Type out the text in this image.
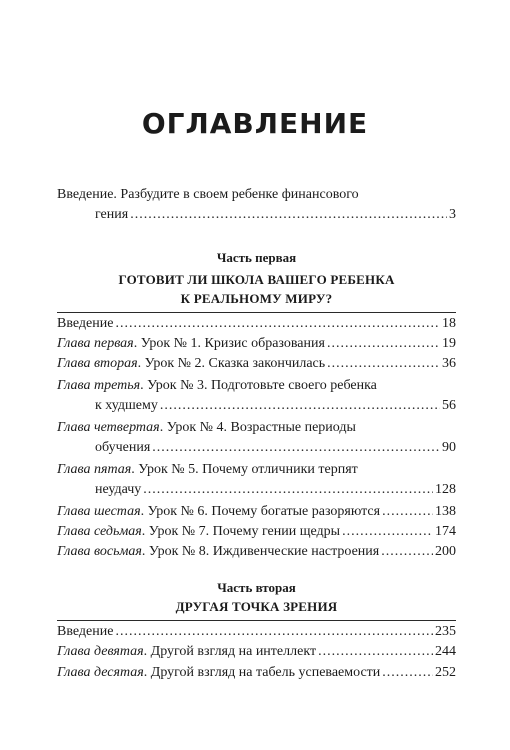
ОГЛАВЛЕНИЕ
Введение. Разбудите в своем ребенке финансового
гения .....	3
Часть первая
ГОТОВИТ ЛИ ШКОЛА ВАШЕГО РЕБЕНКА
К РЕАЛЬНОМУ МИРУ?
Введение .....	18
Глава первая . Урок № 1. Кризис образования .....	19
Глава вторая . Урок № 2. Сказка закончилась .....	36
Глава третья . Урок № 3. Подготовьте своего ребенка
к худшему .....	56
Глава четвертая . Урок № 4. Возрастные периоды
обучения .....	90
Глава пятая . Урок № 5. Почему отличники терпят
неудачу .....	128
Глава шестая . Урок № 6. Почему богатые разоряются .....	138
Глава седьмая . Урок № 7. Почему гении щедры .....	174
Глава восьмая . Урок № 8. Иждивенческие настроения .....	200
Часть вторая
ДРУГАЯ ТОЧКА ЗРЕНИЯ
Введение .....	235
Глава девятая . Другой взгляд на интеллект .....	244
Глава десятая . Другой взгляд на табель успеваемости .....	252
